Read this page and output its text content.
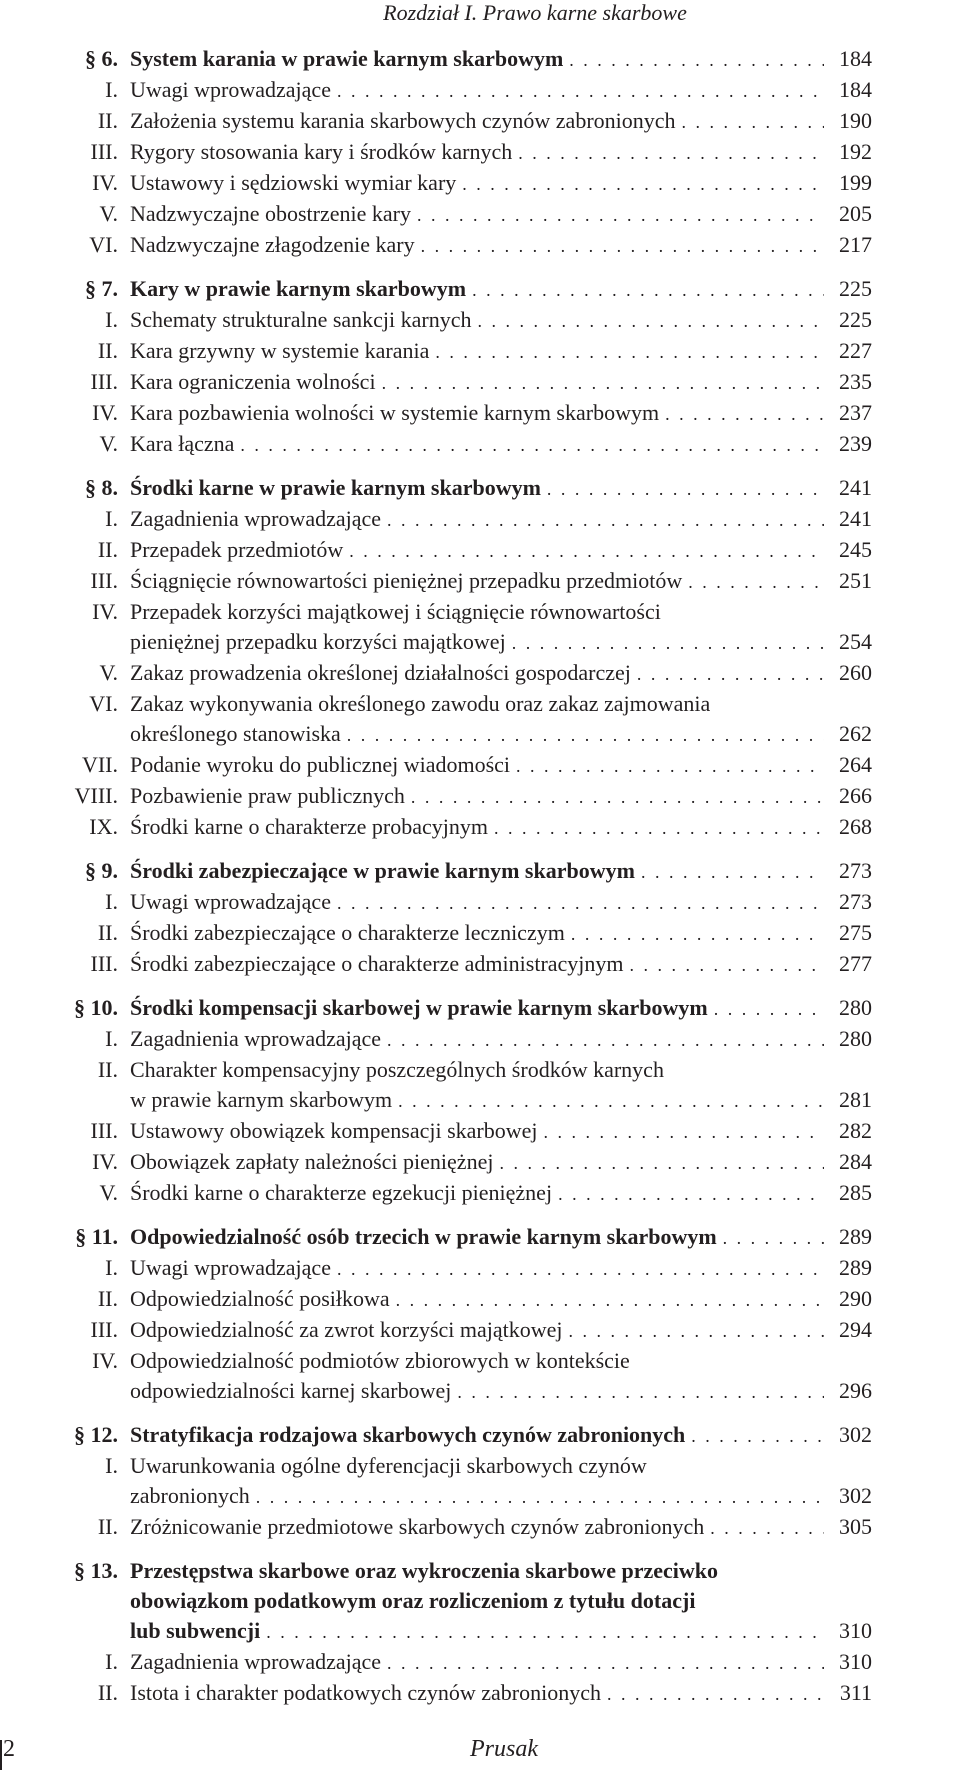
Rozdział I. Prawo karne skarbowe
§ 6. System karania w prawie karnym skarbowym . . .	184
I. Uwagi wprowadzające . . .	184
II. Założenia systemu karania skarbowych czynów zabronionych . . .	190
III. Rygory stosowania kary i środków karnych . . .	192
IV. Ustawowy i sędziowski wymiar kary . . .	199
V. Nadzwyczajne obostrzenie kary . . .	205
VI. Nadzwyczajne złagodzenie kary . . .	217
§ 7. Kary w prawie karnym skarbowym . . .	225
I. Schematy strukturalne sankcji karnych . . .	225
II. Kara grzywny w systemie karania . . .	227
III. Kara ograniczenia wolności . . .	235
IV. Kara pozbawienia wolności w systemie karnym skarbowym . . .	237
V. Kara łączna . . .	239
§ 8. Środki karne w prawie karnym skarbowym . . .	241
I. Zagadnienia wprowadzające . . .	241
II. Przepadek przedmiotów . . .	245
III. Ściągnięcie równowartości pieniężnej przepadku przedmiotów . . .	251
IV. Przepadek korzyści majątkowej i ściągnięcie równowartości
pieniężnej przepadku korzyści majątkowej . . .	254
V. Zakaz prowadzenia określonej działalności gospodarczej . . .	260
VI. Zakaz wykonywania określonego zawodu oraz zakaz zajmowania
określonego stanowiska . . .	262
VII. Podanie wyroku do publicznej wiadomości . . .	264
VIII. Pozbawienie praw publicznych . . .	266
IX. Środki karne o charakterze probacyjnym . . .	268
§ 9. Środki zabezpieczające w prawie karnym skarbowym . . .	273
I. Uwagi wprowadzające . . .	273
II. Środki zabezpieczające o charakterze leczniczym . . .	275
III. Środki zabezpieczające o charakterze administracyjnym . . .	277
§ 10. Środki kompensacji skarbowej w prawie karnym skarbowym . . .	280
I. Zagadnienia wprowadzające . . .	280
II. Charakter kompensacyjny poszczególnych środków karnych
w prawie karnym skarbowym . . .	281
III. Ustawowy obowiązek kompensacji skarbowej . . .	282
IV. Obowiązek zapłaty należności pieniężnej . . .	284
V. Środki karne o charakterze egzekucji pieniężnej . . .	285
§ 11. Odpowiedzialność osób trzecich w prawie karnym skarbowym . . .	289
I. Uwagi wprowadzające . . .	289
II. Odpowiedzialność posiłkowa . . .	290
III. Odpowiedzialność za zwrot korzyści majątkowej . . .	294
IV. Odpowiedzialność podmiotów zbiorowych w kontekście
odpowiedzialności karnej skarbowej . . .	296
§ 12. Stratyfikacja rodzajowa skarbowych czynów zabronionych . . .	302
I. Uwarunkowania ogólne dyferencjacji skarbowych czynów
zabronionych . . .	302
II. Zróżnicowanie przedmiotowe skarbowych czynów zabronionych . . .	305
§ 13. Przestępstwa skarbowe oraz wykroczenia skarbowe przeciwko
obowiązkom podatkowym oraz rozliczeniom z tytułu dotacji
lub subwencji . . .	310
I. Zagadnienia wprowadzające . . .	310
II. Istota i charakter podatkowych czynów zabronionych . . .	311
2	Prusak
